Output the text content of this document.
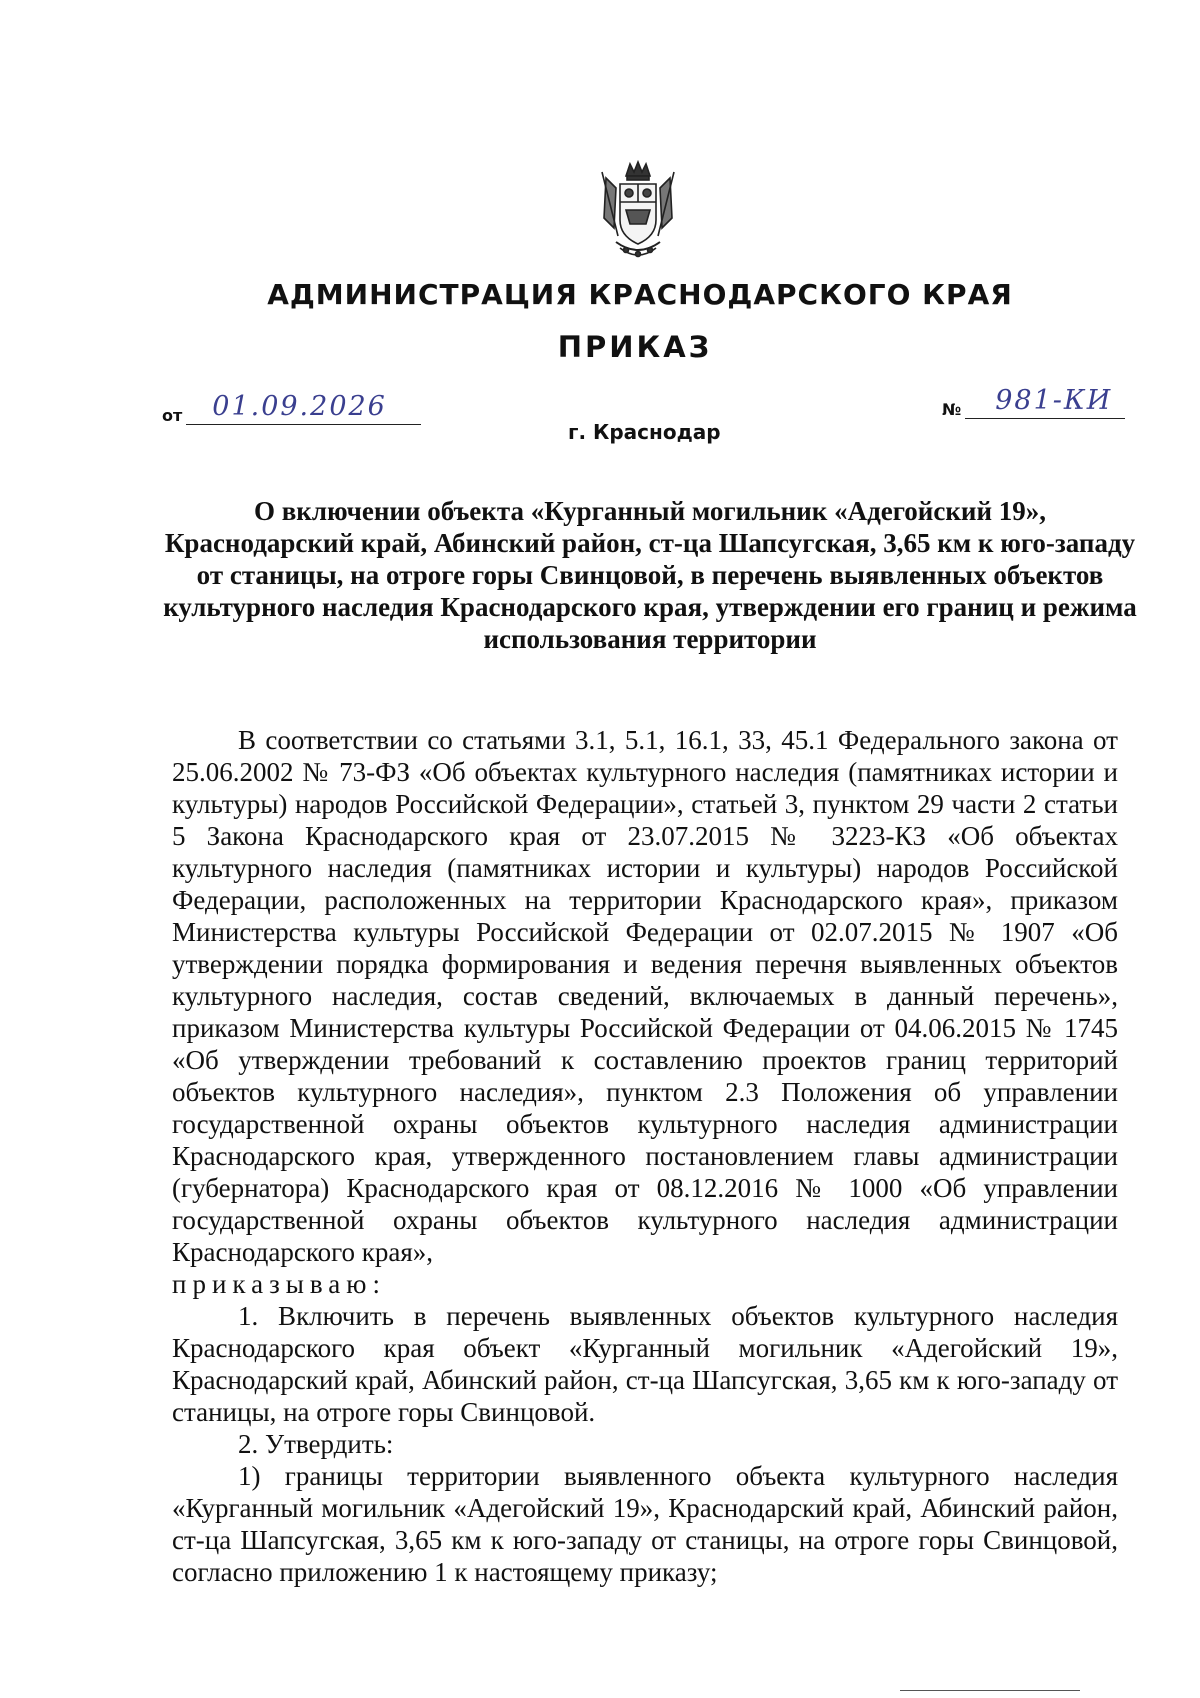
АДМИНИСТРАЦИЯ КРАСНОДАРСКОГО КРАЯ
ПРИКАЗ
от 01.09.2026	№ 981-КИ
г. Краснодар
О включении объекта «Курганный могильник «Адегойский 19», Краснодарский край, Абинский район, ст-ца Шапсугская, 3,65 км к юго-западу от станицы, на отроге горы Свинцовой, в перечень выявленных объектов культурного наследия Краснодарского края, утверждении его границ и режима использования территории

В соответствии со статьями 3.1, 5.1, 16.1, 33, 45.1 Федерального закона от 25.06.2002 № 73-ФЗ «Об объектах культурного наследия (памятниках истории и культуры) народов Российской Федерации», статьей 3, пунктом 29 части 2 статьи 5 Закона Краснодарского края от 23.07.2015 № 3223-КЗ «Об объектах культурного наследия (памятниках истории и культуры) народов Российской Федерации, расположенных на территории Краснодарского края», приказом Министерства культуры Российской Федерации от 02.07.2015 № 1907 «Об утверждении порядка формирования и ведения перечня выявленных объектов культурного наследия, состав сведений, включаемых в данный перечень», приказом Министерства культуры Российской Федерации от 04.06.2015 № 1745 «Об утверждении требований к составлению проектов границ территорий объектов культурного наследия», пунктом 2.3 Положения об управлении государственной охраны объектов культурного наследия администрации Краснодарского края, утвержденного постановлением главы администрации (губернатора) Краснодарского края от 08.12.2016 № 1000 «Об управлении государственной охраны объектов культурного наследия администрации Краснодарского края»,

приказываю:

1. Включить в перечень выявленных объектов культурного наследия Краснодарского края объект «Курганный могильник «Адегойский 19», Краснодарский край, Абинский район, ст-ца Шапсугская, 3,65 км к юго-западу от станицы, на отроге горы Свинцовой.

2. Утвердить:

1) границы территории выявленного объекта культурного наследия «Курганный могильник «Адегойский 19», Краснодарский край, Абинский район, ст-ца Шапсугская, 3,65 км к юго-западу от станицы, на отроге горы Свинцовой, согласно приложению 1 к настоящему приказу;
